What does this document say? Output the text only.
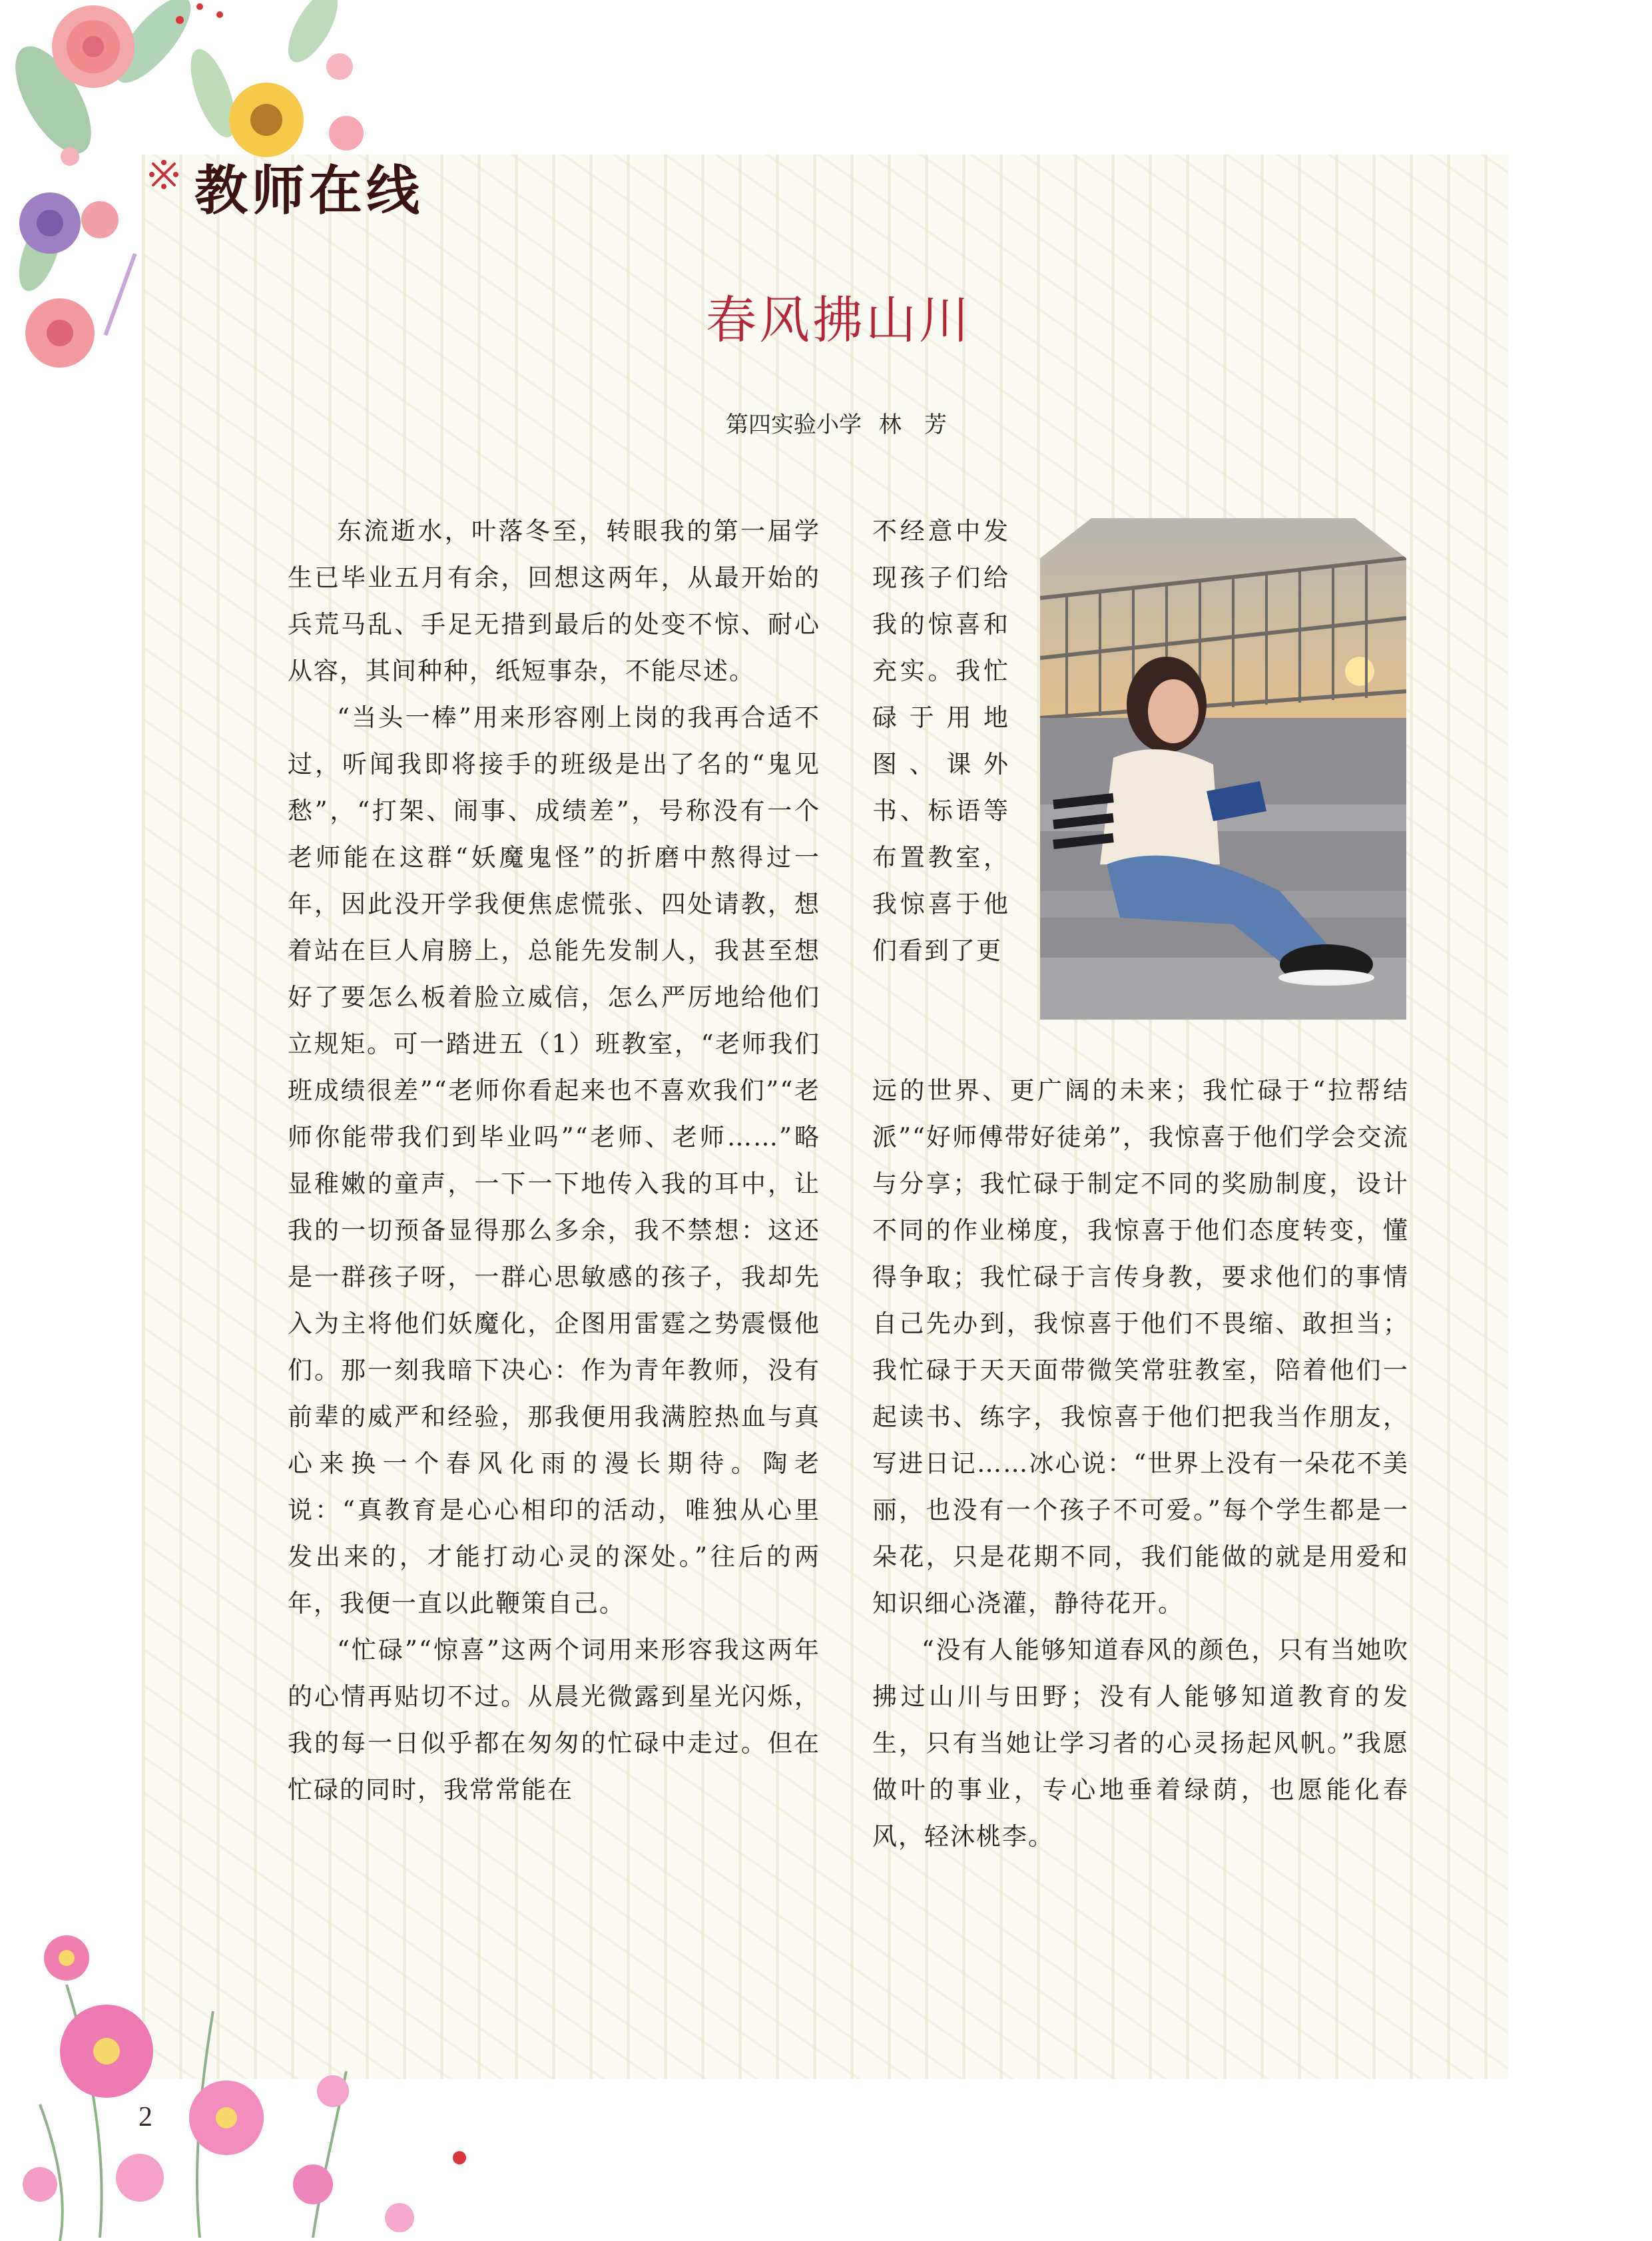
2

教师在线
春风拂山川

第四实验小学 林　芳

东流逝水，叶落冬至，转眼我的第一届学生已毕业五月有余，回想这两年，从最开始的兵荒马乱、手足无措到最后的处变不惊、耐心从容，其间种种，纸短事杂，不能尽述。

“当头一棒”用来形容刚上岗的我再合适不过，听闻我即将接手的班级是出了名的“鬼见愁”，“打架、闹事、成绩差”，号称没有一个老师能在这群“妖魔鬼怪”的折磨中熬得过一年，因此没开学我便焦虑慌张、四处请教，想着站在巨人肩膀上，总能先发制人，我甚至想好了要怎么板着脸立威信，怎么严厉地给他们立规矩。可一踏进五（1）班教室，“老师我们班成绩很差”“老师你看起来也不喜欢我们”“老师你能带我们到毕业吗”“老师、老师……”略显稚嫩的童声，一下一下地传入我的耳中，让我的一切预备显得那么多余，我不禁想：这还是一群孩子呀，一群心思敏感的孩子，我却先入为主将他们妖魔化，企图用雷霆之势震慑他们。那一刻我暗下决心：作为青年教师，没有前辈的威严和经验，那我便用我满腔热血与真心来换一个春风化雨的漫长期待。陶老说：“真教育是心心相印的活动，唯独从心里发出来的，才能打动心灵的深处。”往后的两年，我便一直以此鞭策自己。

“忙碌”“惊喜”这两个词用来形容我这两年的心情再贴切不过。从晨光微露到星光闪烁，我的每一日似乎都在匆匆的忙碌中走过。但在忙碌的同时，我常常能在

不经意中发现孩子们给我的惊喜和充实。我忙碌于用地图、课外书、标语等布置教室，我惊喜于他们看到了更

远的世界、更广阔的未来；我忙碌于“拉帮结派”“好师傅带好徒弟”，我惊喜于他们学会交流与分享；我忙碌于制定不同的奖励制度，设计不同的作业梯度，我惊喜于他们态度转变，懂得争取；我忙碌于言传身教，要求他们的事情自己先办到，我惊喜于他们不畏缩、敢担当；我忙碌于天天面带微笑常驻教室，陪着他们一起读书、练字，我惊喜于他们把我当作朋友，写进日记……冰心说：“世界上没有一朵花不美丽，也没有一个孩子不可爱。”每个学生都是一朵花，只是花期不同，我们能做的就是用爱和知识细心浇灌，静待花开。

“没有人能够知道春风的颜色，只有当她吹拂过山川与田野；没有人能够知道教育的发生，只有当她让学习者的心灵扬起风帆。”我愿做叶的事业，专心地垂着绿荫，也愿能化春风，轻沐桃李。
